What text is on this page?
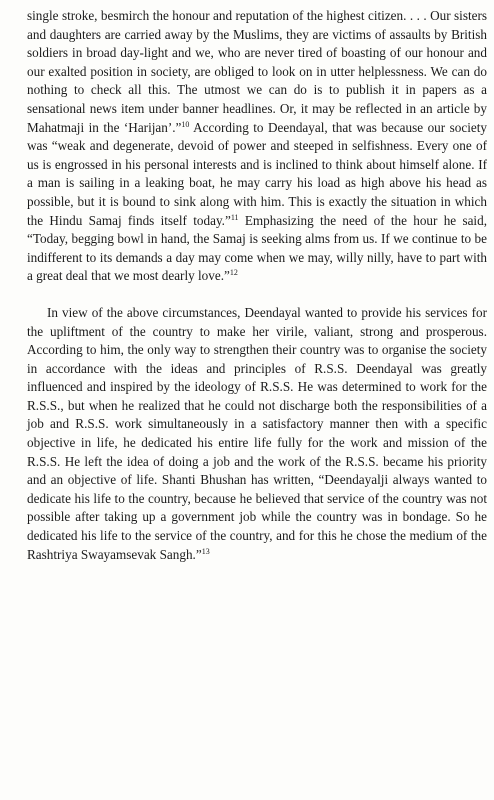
single stroke, besmirch the honour and reputation of the highest citizen. . . . Our sisters and daughters are carried away by the Muslims, they are victims of assaults by British soldiers in broad day-light and we, who are never tired of boasting of our honour and our exalted position in society, are obliged to look on in utter helplessness. We can do nothing to check all this. The utmost we can do is to publish it in papers as a sensational news item under banner headlines. Or, it may be reflected in an article by Mahatmaji in the ‘Harijan’.”$^{10}$ According to Deendayal, that was because our society was “weak and degenerate, devoid of power and steeped in selfishness. Every one of us is engrossed in his personal interests and is inclined to think about himself alone. If a man is sailing in a leaking boat, he may carry his load as high above his head as possible, but it is bound to sink along with him. This is exactly the situation in which the Hindu Samaj finds itself today.”$^{11}$ Emphasizing the need of the hour he said, “Today, begging bowl in hand, the Samaj is seeking alms from us. If we continue to be indifferent to its demands a day may come when we may, willy nilly, have to part with a great deal that we most dearly love.”$^{12}$

In view of the above circumstances, Deendayal wanted to provide his services for the upliftment of the country to make her virile, valiant, strong and prosperous. According to him, the only way to strengthen their country was to organise the society in accordance with the ideas and principles of R.S.S. Deendayal was greatly influenced and inspired by the ideology of R.S.S. He was determined to work for the R.S.S., but when he realized that he could not discharge both the responsibilities of a job and R.S.S. work simultaneously in a satisfactory manner then with a specific objective in life, he dedicated his entire life fully for the work and mission of the R.S.S. He left the idea of doing a job and the work of the R.S.S. became his priority and an objective of life. Shanti Bhushan has written, “Deendayalji always wanted to dedicate his life to the country, because he believed that service of the country was not possible after taking up a government job while the country was in bondage. So he dedicated his life to the service of the country, and for this he chose the medium of the Rashtriya Swayamsevak Sangh.”$^{13}$
